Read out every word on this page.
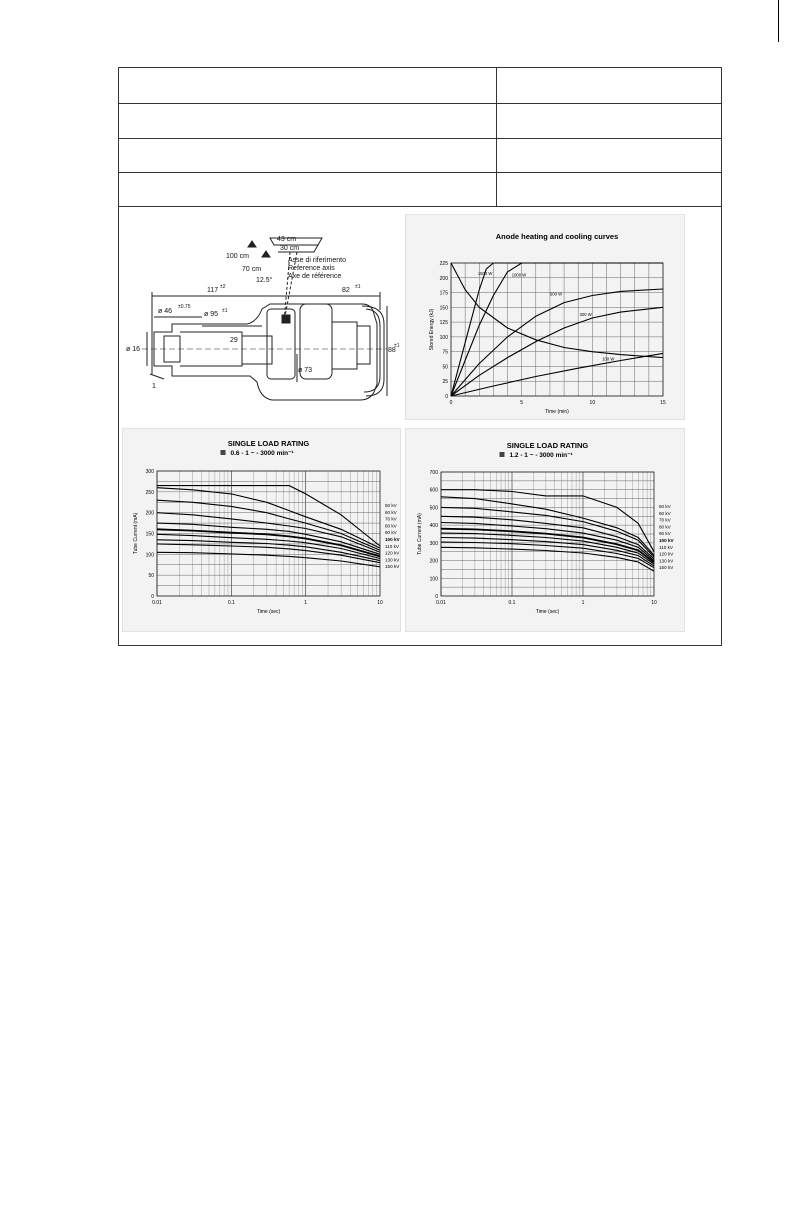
43 cm
30 cm
100 cm
70 cm
Asse di riferimento
Reference axis
Axe de référence
12.5°
117 ±2	82 ±1
ø 46
±0.75
ø 95 ±1
ø 16
29
ø 73
88
±1
1
Anode heating and cooling curves
0
25
50
75
100
125
150
175
200
225
0	5	10	15
Time (min)
Stored Energy (kJ)
1500 W	1000 W
500 W
300 W
100 W
SINGLE LOAD RATING
0.6 - 1 ~ - 3000 min⁻¹
0
50
100
150
200
250
300
0.01	0.1	1	10
Time (sec)
Tube Current (mA)
50 kV
60 kV
70 kV
80 kV
90 kV
100 kV
110 kV
120 kV
130 kV
150 kV
SINGLE LOAD RATING
1.2 - 1 ~ - 3000 min⁻¹
0
100
200
300
400
500
600
700
0.01	0.1	1	10
Time (sec)
Tube Current (mA)
50 kV
60 kV
70 kV
80 kV
90 kV
100 kV
110 kV
120 kV
130 kV
150 kV
